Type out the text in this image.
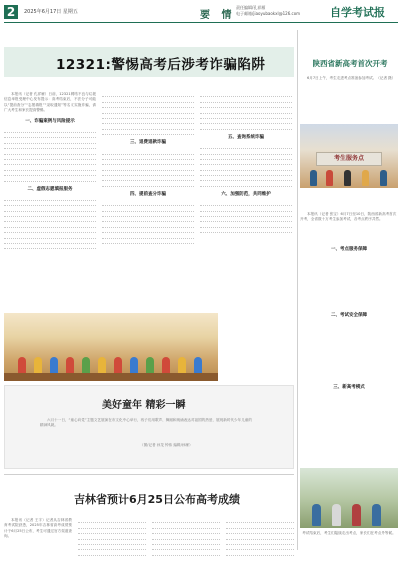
2	2025年6月17日 星期五	要 情
责任编辑/孔祥雁
电子邮箱/jiaoyubaokxl@126.com	自学考试报
12321:警惕高考后涉考诈骗陷阱

本报讯（记者 孔祥雁）日前，12321网络不良与垃圾信息举报受理中心发布提示：高考结束后，不法分子可能以“提前查分”“志愿填报”“录取通知”等名义实施诈骗，请广大考生和家长提高警惕。

一、诈骗案例与风险提示
二、虚假志愿填报服务
三、退费退款诈骗
四、提前查分诈骗
五、查询系统诈骗
六、加强防范，共同维护
美好童年 精彩一瞬
六月十一日，“童心向党”主题文艺展演在市文化中心举行，孩子们用歌声、舞蹈和朗诵表达对祖国的热爱，展现新时代少年儿童的精神风貌。
（图/记者 孙龙 钟伟 编辑/孙雁）
陕西省新高考首次开考
6月7日上午，考生走进考点准备参加考试。（记者 摄）
考生服务点
本报讯（记者 张宝）6月7日至10日，陕西省新高考首次开考，全省数十万考生参加考试，各考点秩序井然。
一、考点服务保障
二、考试安全保障
三、新高考模式
考试结束后，考生们陆续走出考点，家长们在考点外等候。
吉林省预计6月25日公布高考成绩

本报讯（记者 王宇）记者从吉林省教育考试院获悉，2025年吉林省高考成绩预计于6月25日公布，考生可通过官方渠道查询。
